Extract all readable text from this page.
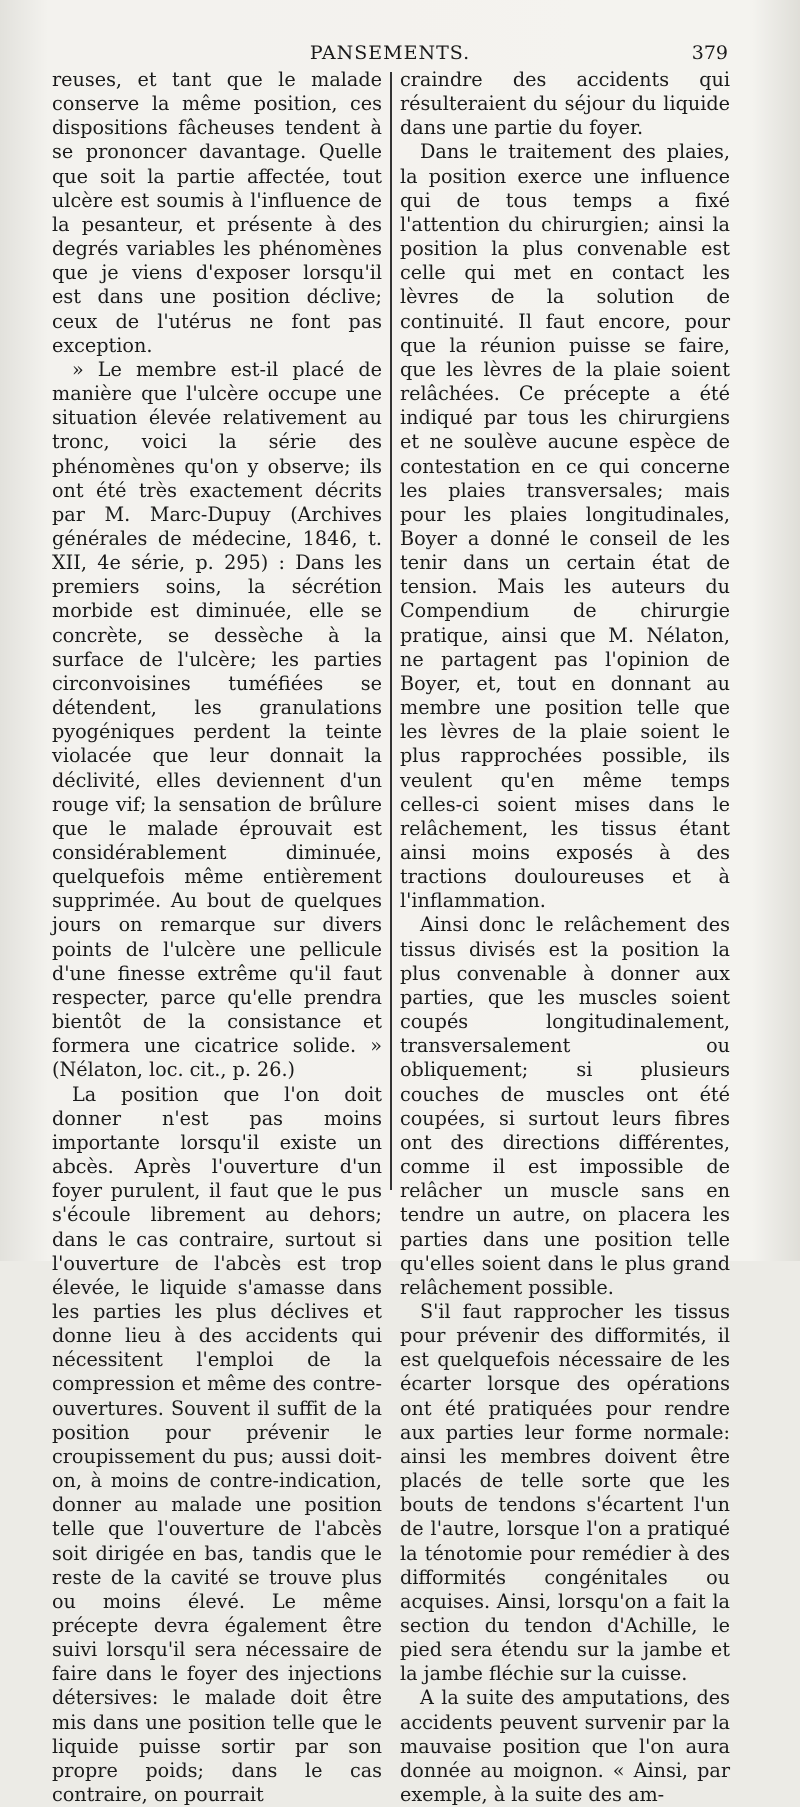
PANSEMENTS.	379

reuses, et tant que le malade conserve la même position, ces dispositions fâcheuses tendent à se prononcer davantage. Quelle que soit la partie affectée, tout ulcère est soumis à l'influence de la pesanteur, et présente à des degrés variables les phénomènes que je viens d'exposer lorsqu'il est dans une position déclive; ceux de l'utérus ne font pas exception.

» Le membre est-il placé de manière que l'ulcère occupe une situation élevée relativement au tronc, voici la série des phénomènes qu'on y observe; ils ont été très exactement décrits par M. Marc-Dupuy (Archives générales de médecine, 1846, t. XII, 4e série, p. 295) : Dans les premiers soins, la sécrétion morbide est diminuée, elle se concrète, se dessèche à la surface de l'ulcère; les parties circonvoisines tuméfiées se détendent, les granulations pyogéniques perdent la teinte violacée que leur donnait la déclivité, elles deviennent d'un rouge vif; la sensation de brûlure que le malade éprouvait est considérablement diminuée, quelquefois même entièrement supprimée. Au bout de quelques jours on remarque sur divers points de l'ulcère une pellicule d'une finesse extrême qu'il faut respecter, parce qu'elle prendra bientôt de la consistance et formera une cicatrice solide. » (Nélaton, loc. cit., p. 26.)

La position que l'on doit donner n'est pas moins importante lorsqu'il existe un abcès. Après l'ouverture d'un foyer purulent, il faut que le pus s'écoule librement au dehors; dans le cas contraire, surtout si l'ouverture de l'abcès est trop élevée, le liquide s'amasse dans les parties les plus déclives et donne lieu à des accidents qui nécessitent l'emploi de la compression et même des contre-ouvertures. Souvent il suffit de la position pour prévenir le croupissement du pus; aussi doit-on, à moins de contre-indication, donner au malade une position telle que l'ouverture de l'abcès soit dirigée en bas, tandis que le reste de la cavité se trouve plus ou moins élevé. Le même précepte devra également être suivi lorsqu'il sera nécessaire de faire dans le foyer des injections détersives: le malade doit être mis dans une position telle que le liquide puisse sortir par son propre poids; dans le cas contraire, on pourrait

craindre des accidents qui résulteraient du séjour du liquide dans une partie du foyer.

Dans le traitement des plaies, la position exerce une influence qui de tous temps a fixé l'attention du chirurgien; ainsi la position la plus convenable est celle qui met en contact les lèvres de la solution de continuité. Il faut encore, pour que la réunion puisse se faire, que les lèvres de la plaie soient relâchées. Ce précepte a été indiqué par tous les chirurgiens et ne soulève aucune espèce de contestation en ce qui concerne les plaies transversales; mais pour les plaies longitudinales, Boyer a donné le conseil de les tenir dans un certain état de tension. Mais les auteurs du Compendium de chirurgie pratique, ainsi que M. Nélaton, ne partagent pas l'opinion de Boyer, et, tout en donnant au membre une position telle que les lèvres de la plaie soient le plus rapprochées possible, ils veulent qu'en même temps celles-ci soient mises dans le relâchement, les tissus étant ainsi moins exposés à des tractions douloureuses et à l'inflammation.

Ainsi donc le relâchement des tissus divisés est la position la plus convenable à donner aux parties, que les muscles soient coupés longitudinalement, transversalement ou obliquement; si plusieurs couches de muscles ont été coupées, si surtout leurs fibres ont des directions différentes, comme il est impossible de relâcher un muscle sans en tendre un autre, on placera les parties dans une position telle qu'elles soient dans le plus grand relâchement possible.

S'il faut rapprocher les tissus pour prévenir des difformités, il est quelquefois nécessaire de les écarter lorsque des opérations ont été pratiquées pour rendre aux parties leur forme normale: ainsi les membres doivent être placés de telle sorte que les bouts de tendons s'écartent l'un de l'autre, lorsque l'on a pratiqué la ténotomie pour remédier à des difformités congénitales ou acquises. Ainsi, lorsqu'on a fait la section du tendon d'Achille, le pied sera étendu sur la jambe et la jambe fléchie sur la cuisse.

A la suite des amputations, des accidents peuvent survenir par la mauvaise position que l'on aura donnée au moignon. « Ainsi, par exemple, à la suite des am-
